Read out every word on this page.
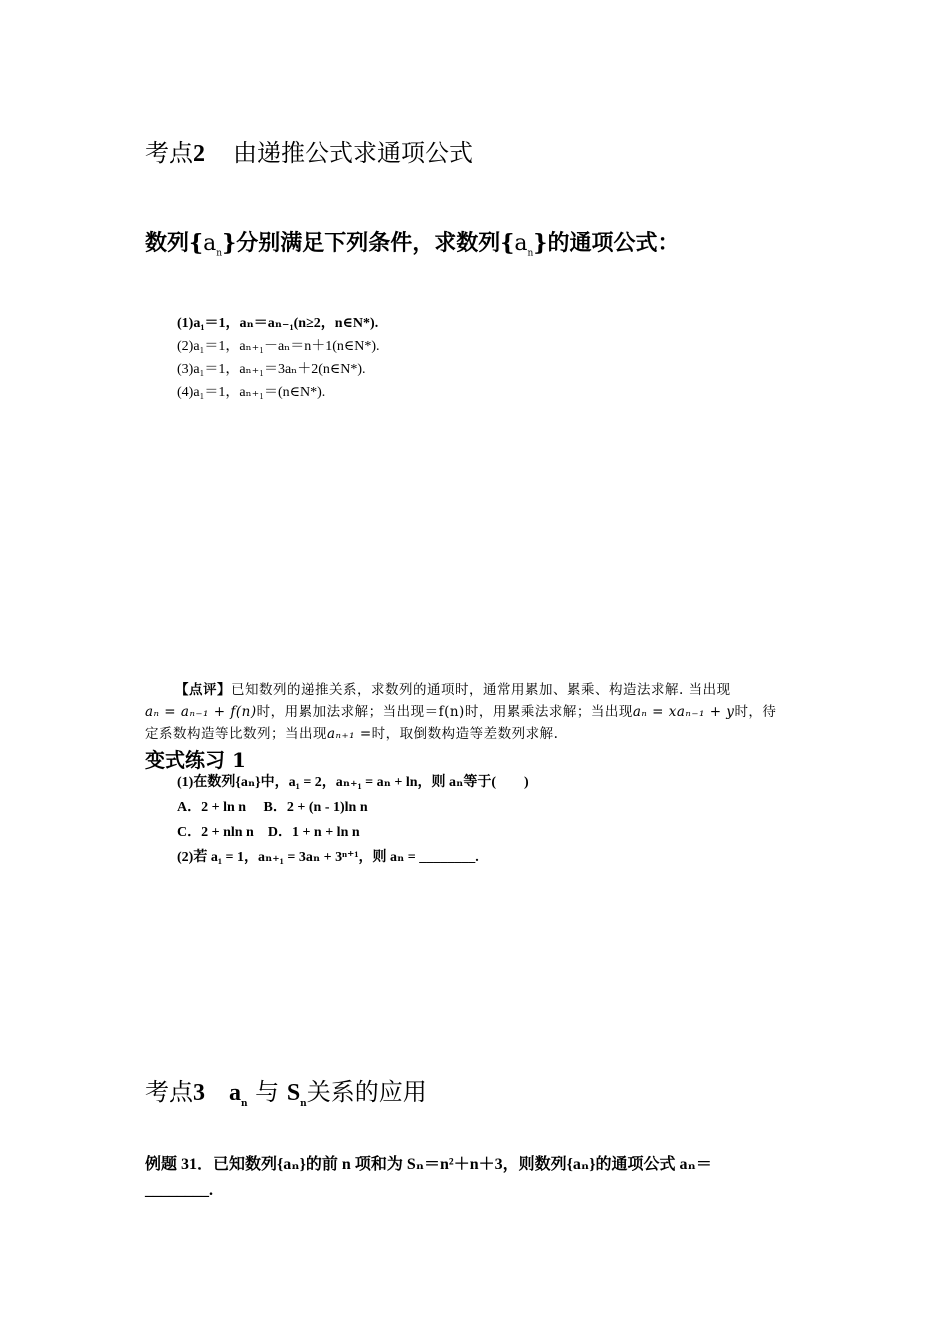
考点2 由递推公式求通项公式
数列$\{a_n\}$分别满足下列条件，求数列$\{a_n\}$的通项公式：
(1)a₁＝1，aₙ＝aₙ₋₁(n≥2，n∈N*).
(2)a₁＝1，aₙ₊₁－aₙ＝n＋1(n∈N*).
(3)a₁＝1，aₙ₊₁＝3aₙ＋2(n∈N*).
(4)a₁＝1，aₙ₊₁＝(n∈N*).
【点评】已知数列的递推关系，求数列的通项时，通常用累加、累乘、构造法求解. 当出现
aₙ = aₙ₋₁ + f(n)时，用累加法求解；当出现＝f(n)时，用累乘法求解；当出现aₙ = xaₙ₋₁ + y时，待
定系数构造等比数列；当出现aₙ₊₁ =时，取倒数构造等差数列求解.
变式练习 1
(1)在数列{aₙ}中，a₁ = 2，aₙ₊₁ = aₙ + ln，则 aₙ等于(　　)
A．2 + ln n　 B．2 + (n - 1)ln n
C．2 + nln n　D．1 + n + ln n
(2)若 a₁ = 1，aₙ₊₁ = 3aₙ + 3ⁿ⁺¹，则 aₙ = ________.
考点3 $a_n$ 与 $S_n$关系的应用
例题 31．已知数列{aₙ}的前 n 项和为 Sₙ＝n²＋n＋3，则数列{aₙ}的通项公式 aₙ＝
________.
